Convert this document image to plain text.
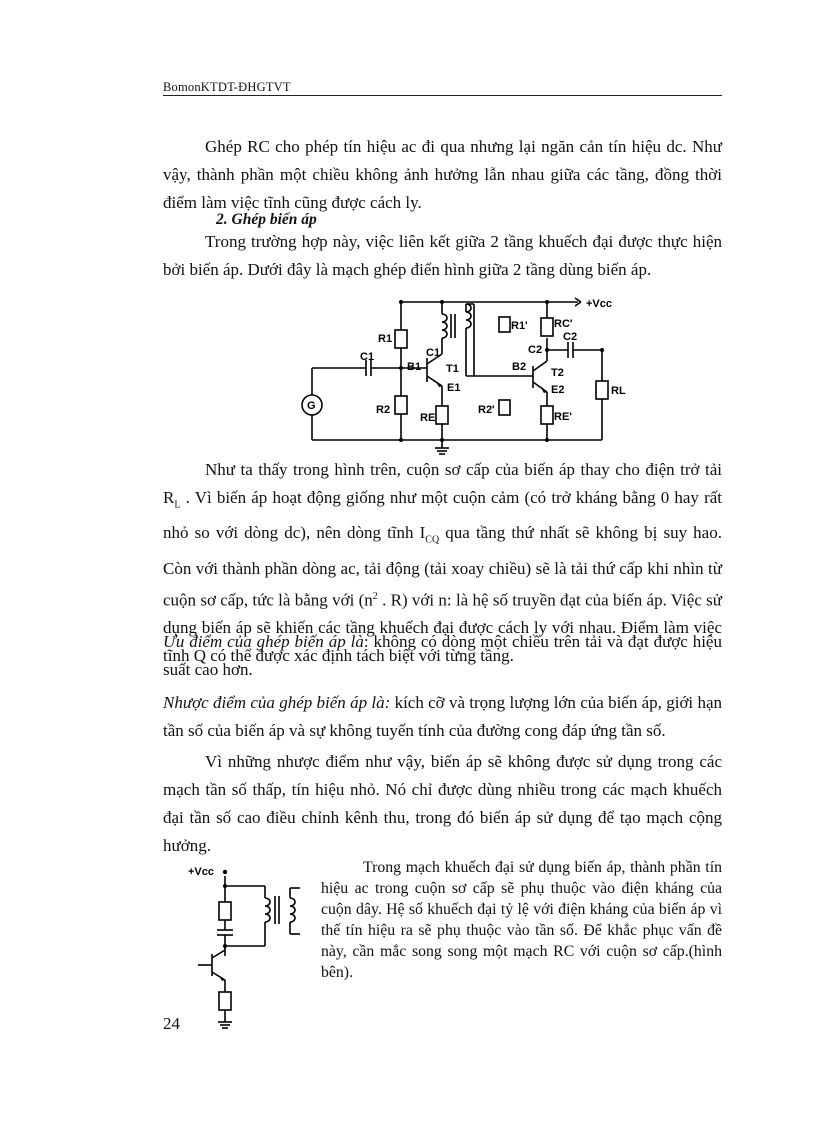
BomonKTDT-ĐHGTVT

Ghép RC cho phép tín hiệu ac đi qua nhưng lại ngăn cản tín hiệu dc. Như vậy, thành phần một chiều không ảnh hưởng lẫn nhau giữa các tầng, đồng thời điểm làm việc tĩnh cũng được cách ly.

2. Ghép biến áp

Trong trường hợp này, việc liên kết giữa 2 tầng khuếch đại được thực hiện bởi biến áp. Dưới đây là mạch ghép điển hình giữa 2 tầng dùng biến áp.

+Vcc
R1
C1	C1
B1 T1
E1
R2
RE
G
R1' RC'
C2
C2
B2 T2
E2
R2'
RE'
RL

Như ta thấy trong hình trên, cuộn sơ cấp của biến áp thay cho điện trở tải $R_L$ . Vì biến áp hoạt động giống như một cuộn cảm (có trở kháng bằng 0 hay rất nhỏ so với dòng dc), nên dòng tĩnh $I_{CQ}$ qua tầng thứ nhất sẽ không bị suy hao. Còn với thành phần dòng ac, tải động (tải xoay chiều) sẽ là tải thứ cấp khi nhìn từ cuộn sơ cấp, tức là bằng với ($n^2$ . R) với n: là hệ số truyền đạt của biến áp. Việc sử dụng biến áp sẽ khiến các tầng khuếch đại được cách ly với nhau. Điểm làm việc tĩnh Q có thể được xác định tách biệt với từng tầng.

Ưu điểm của ghép biến áp là: không có dòng một chiều trên tải và đạt được hiệu suất cao hơn.

Nhược điểm của ghép biến áp là: kích cỡ và trọng lượng lớn của biến áp, giới hạn tần số của biến áp và sự không tuyến tính của đường cong đáp ứng tần số.

Vì những nhược điểm như vậy, biến áp sẽ không được sử dụng trong các mạch tần số thấp, tín hiệu nhỏ. Nó chỉ được dùng nhiều trong các mạch khuếch đại tần số cao điều chỉnh kênh thu, trong đó biến áp sử dụng để tạo mạch cộng hưởng.

+Vcc	Trong mạch khuếch đại sử dụng biến áp, thành phần tín hiệu ac trong cuộn sơ cấp sẽ phụ thuộc vào điện kháng của cuộn dây. Hệ số khuếch đại tỷ lệ với điện kháng của biến áp vì thế tín hiệu ra sẽ phụ thuộc vào tần số. Để khắc phục vấn đề này, cần mắc song song một mạch RC với cuộn sơ cấp.(hình bên).

24
